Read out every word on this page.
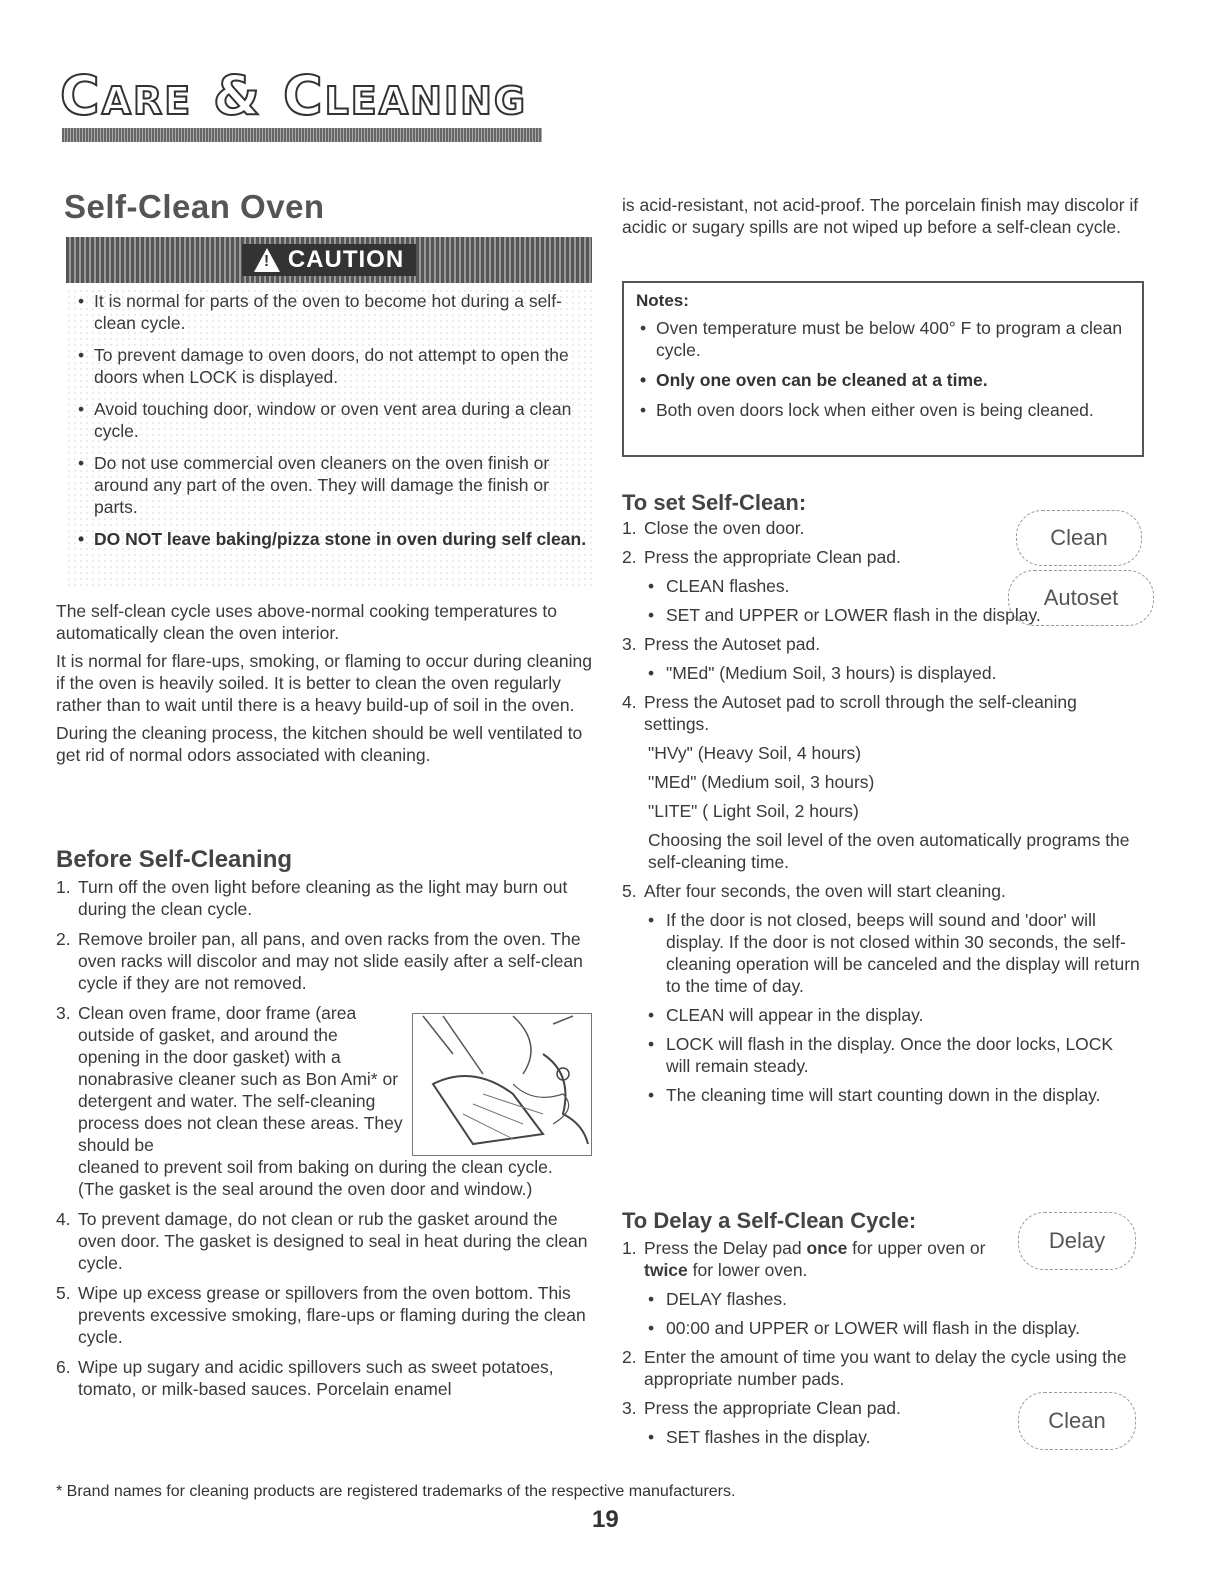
Care & Cleaning
Self-Clean Oven
! CAUTION
• It is normal for parts of the oven to become hot during a self-clean cycle.
• To prevent damage to oven doors, do not attempt to open the doors when LOCK is displayed.
• Avoid touching door, window or oven vent area during a clean cycle.
• Do not use commercial oven cleaners on the oven finish or around any part of the oven. They will damage the finish or parts.
• DO NOT leave baking/pizza stone in oven during self clean.

The self-clean cycle uses above-normal cooking temperatures to automatically clean the oven interior.

It is normal for flare-ups, smoking, or flaming to occur during cleaning if the oven is heavily soiled. It is better to clean the oven regularly rather than to wait until there is a heavy build-up of soil in the oven.

During the cleaning process, the kitchen should be well ventilated to get rid of normal odors associated with cleaning.

Before Self-Cleaning
1. Turn off the oven light before cleaning as the light may burn out during the clean cycle.
2. Remove broiler pan, all pans, and oven racks from the oven. The oven racks will discolor and may not slide easily after a self-clean cycle if they are not removed.
3. Clean oven frame, door frame (area outside of gasket, and around the opening in the door gasket) with a nonabrasive cleaner such as Bon Ami* or detergent and water. The self-cleaning process does not clean these areas. They should be
cleaned to prevent soil from baking on during the clean cycle. (The gasket is the seal around the oven door and window.)
4. To prevent damage, do not clean or rub the gasket around the oven door. The gasket is designed to seal in heat during the clean cycle.
5. Wipe up excess grease or spillovers from the oven bottom. This prevents excessive smoking, flare-ups or flaming during the clean cycle.
6. Wipe up sugary and acidic spillovers such as sweet potatoes, tomato, or milk-based sauces. Porcelain enamel
is acid-resistant, not acid-proof. The porcelain finish may discolor if acidic or sugary spills are not wiped up before a self-clean cycle.
Notes:
• Oven temperature must be below 400° F to program a clean cycle.
• Only one oven can be cleaned at a time.
• Both oven doors lock when either oven is being cleaned.
To set Self-Clean:
1. Close the oven door.
2. Press the appropriate Clean pad.
• CLEAN flashes.
• SET and UPPER or LOWER flash in the display.
3. Press the Autoset pad.
• "MEd" (Medium Soil, 3 hours) is displayed.
4. Press the Autoset pad to scroll through the self-cleaning settings.
"HVy" (Heavy Soil, 4 hours)
"MEd" (Medium soil, 3 hours)
"LITE" ( Light Soil, 2 hours)
Choosing the soil level of the oven automatically programs the self-cleaning time.
5. After four seconds, the oven will start cleaning.
• If the door is not closed, beeps will sound and 'door' will display. If the door is not closed within 30 seconds, the self-cleaning operation will be canceled and the display will return to the time of day.
• CLEAN will appear in the display.
• LOCK will flash in the display. Once the door locks, LOCK will remain steady.
• The cleaning time will start counting down in the display.
Clean
Autoset
To Delay a Self-Clean Cycle:
1. Press the Delay pad once for upper oven or twice for lower oven.
• DELAY flashes.
• 00:00 and UPPER or LOWER will flash in the display.
2. Enter the amount of time you want to delay the cycle using the appropriate number pads.
3. Press the appropriate Clean pad.
• SET flashes in the display.
Delay
Clean
* Brand names for cleaning products are registered trademarks of the respective manufacturers.
19
